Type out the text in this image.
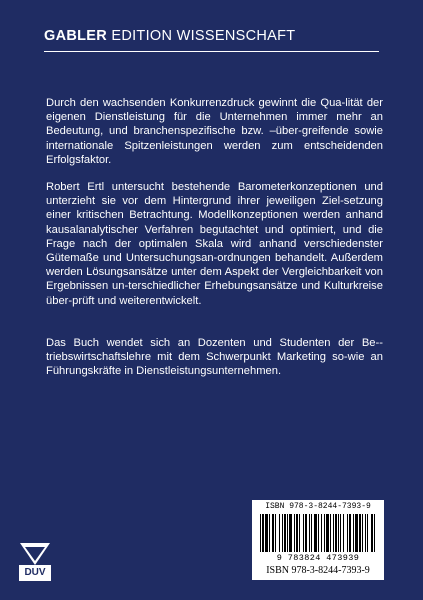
GABLER EDITION WISSENSCHAFT
Durch den wachsenden Konkurrenzdruck gewinnt die Qua-lität der eigenen Dienstleistung für die Unternehmen immer mehr an Bedeutung, und branchenspezifische bzw. –über-greifende sowie internationale Spitzenleistungen werden zum entscheidenden Erfolgsfaktor.
Robert Ertl untersucht bestehende Barometerkonzeptionen und unterzieht sie vor dem Hintergrund ihrer jeweiligen Ziel-setzung einer kritischen Betrachtung. Modellkonzeptionen werden anhand kausalanalytischer Verfahren begutachtet und optimiert, und die Frage nach der optimalen Skala wird anhand verschiedenster Gütemaße und Untersuchungsan-ordnungen behandelt. Außerdem werden Lösungsansätze unter dem Aspekt der Vergleichbarkeit von Ergebnissen un-terschiedlicher Erhebungsansätze und Kulturkreise über-prüft und weiterentwickelt.
Das Buch wendet sich an Dozenten und Studenten der Be-triebswirtschaftslehre mit dem Schwerpunkt Marketing so-wie an Führungskräfte in Dienstleistungsunternehmen.
DUV
ISBN 978-3-8244-7393-9
9 783824 473939
ISBN 978-3-8244-7393-9
